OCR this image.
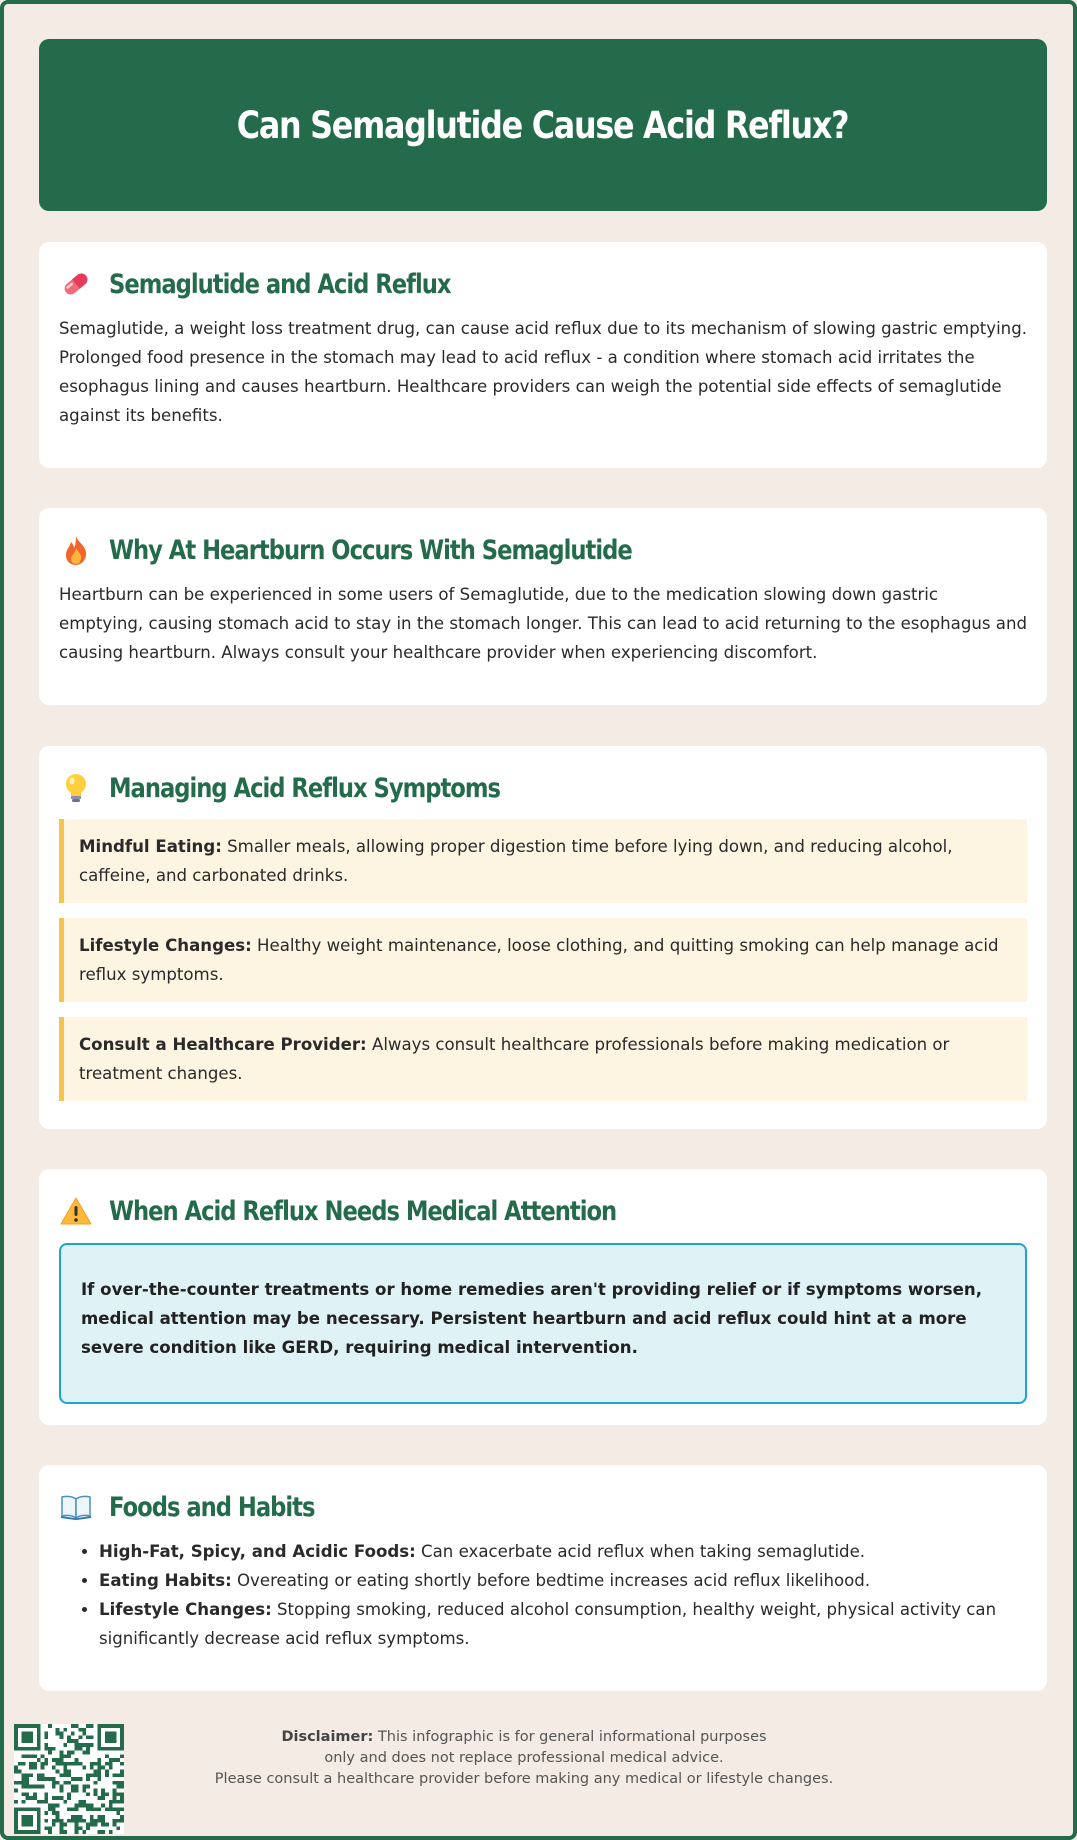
Can Semaglutide Cause Acid Reflux?
Semaglutide and Acid Reflux

Semaglutide, a weight loss treatment drug, can cause acid reflux due to its mechanism of slowing gastric emptying. Prolonged food presence in the stomach may lead to acid reflux - a condition where stomach acid irritates the esophagus lining and causes heartburn. Healthcare providers can weigh the potential side effects of semaglutide against its benefits.

Why At Heartburn Occurs With Semaglutide

Heartburn can be experienced in some users of Semaglutide, due to the medication slowing down gastric emptying, causing stomach acid to stay in the stomach longer. This can lead to acid returning to the esophagus and causing heartburn. Always consult your healthcare provider when experiencing discomfort.

Managing Acid Reflux Symptoms
Mindful Eating: Smaller meals, allowing proper digestion time before lying down, and reducing alcohol, caffeine, and carbonated drinks.
Lifestyle Changes: Healthy weight maintenance, loose clothing, and quitting smoking can help manage acid reflux symptoms.
Consult a Healthcare Provider: Always consult healthcare professionals before making medication or treatment changes.
When Acid Reflux Needs Medical Attention
If over-the-counter treatments or home remedies aren't providing relief or if symptoms worsen, medical attention may be necessary. Persistent heartburn and acid reflux could hint at a more severe condition like GERD, requiring medical intervention.
Foods and Habits
• High-Fat, Spicy, and Acidic Foods: Can exacerbate acid reflux when taking semaglutide.
• Eating Habits: Overeating or eating shortly before bedtime increases acid reflux likelihood.
• Lifestyle Changes: Stopping smoking, reduced alcohol consumption, healthy weight, physical activity can significantly decrease acid reflux symptoms.
Disclaimer: This infographic is for general informational purposes
only and does not replace professional medical advice.
Please consult a healthcare provider before making any medical or lifestyle changes.
